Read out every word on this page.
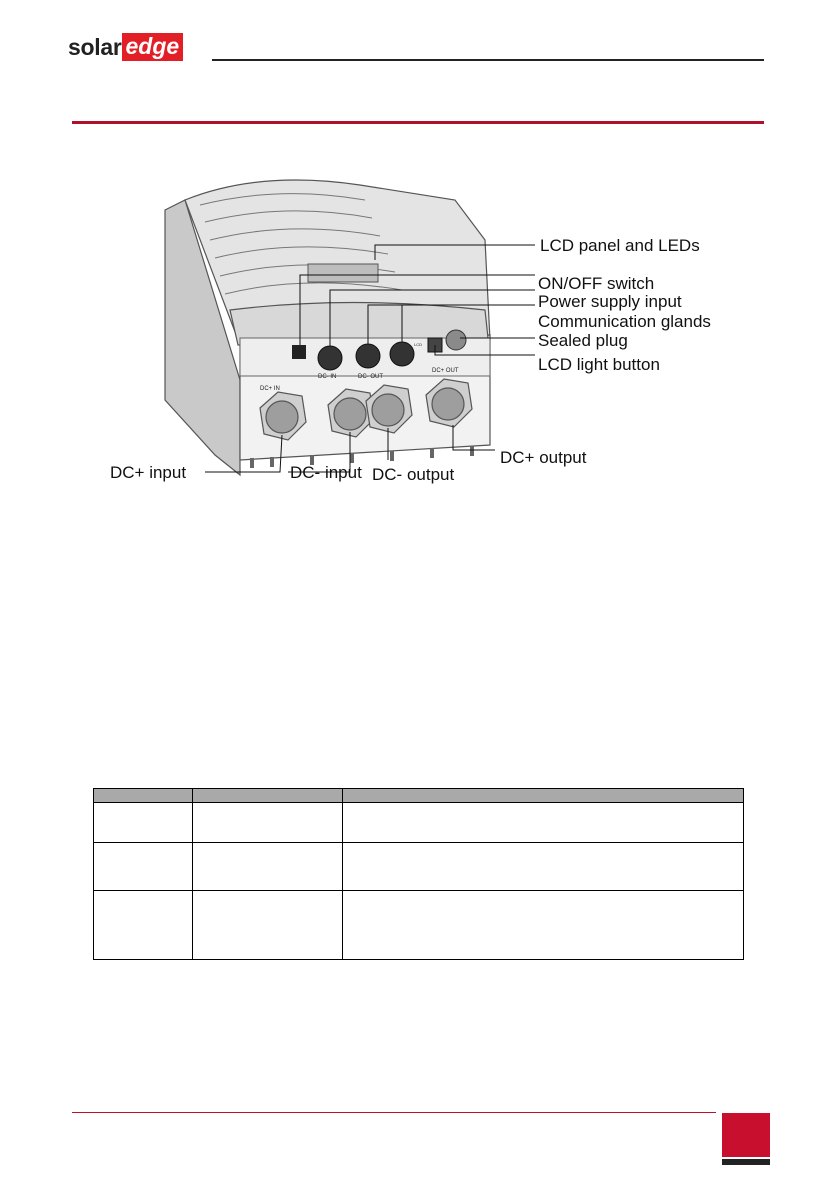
solar edge
DC- IN	DC- OUT
DC+ IN
DC+ OUT
LCD
LCD panel and LEDs
ON/OFF switch
Power supply input
Communication glands
Sealed plug
LCD light button
DC+ input	DC- input DC- output
DC+ output
